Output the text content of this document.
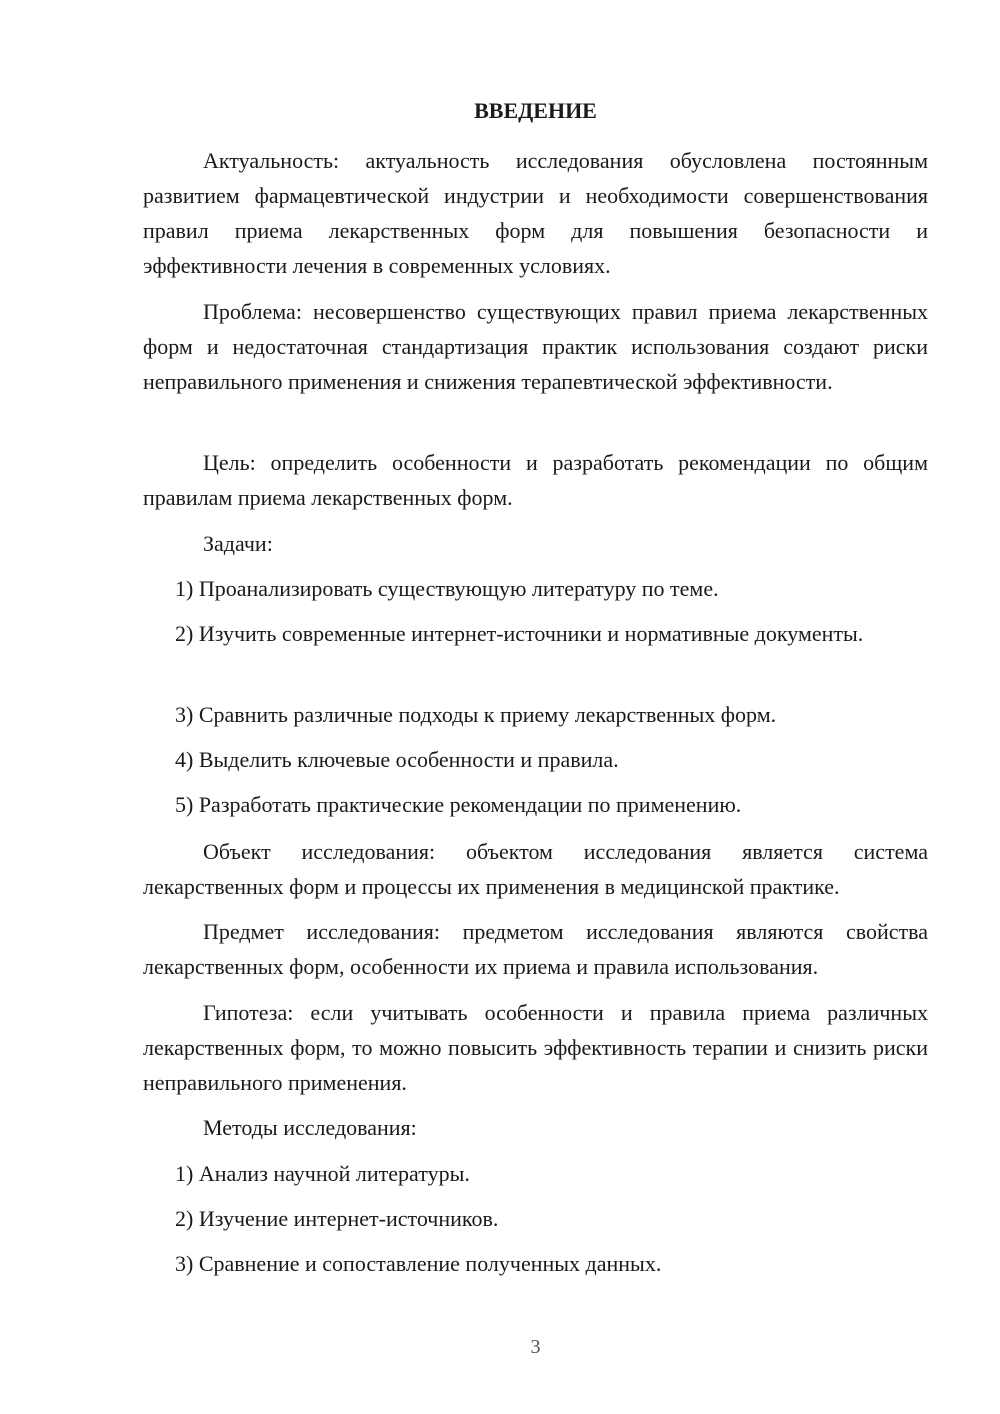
ВВЕДЕНИЕ

Актуальность: актуальность исследования обусловлена постоянным развитием фармацевтической индустрии и необходимости совершенствования правил приема лекарственных форм для повышения безопасности и эффективности лечения в современных условиях.

Проблема: несовершенство существующих правил приема лекарственных форм и недостаточная стандартизация практик использования создают риски неправильного применения и снижения терапевтической эффективности.

Цель: определить особенности и разработать рекомендации по общим правилам приема лекарственных форм.

Задачи:

1) Проанализировать существующую литературу по теме.

2) Изучить современные интернет-источники и нормативные документы.

3) Сравнить различные подходы к приему лекарственных форм.

4) Выделить ключевые особенности и правила.

5) Разработать практические рекомендации по применению.

Объект исследования: объектом исследования является система лекарственных форм и процессы их применения в медицинской практике.

Предмет исследования: предметом исследования являются свойства лекарственных форм, особенности их приема и правила использования.

Гипотеза: если учитывать особенности и правила приема различных лекарственных форм, то можно повысить эффективность терапии и снизить риски неправильного применения.

Методы исследования:

1) Анализ научной литературы.

2) Изучение интернет-источников.

3) Сравнение и сопоставление полученных данных.

3
